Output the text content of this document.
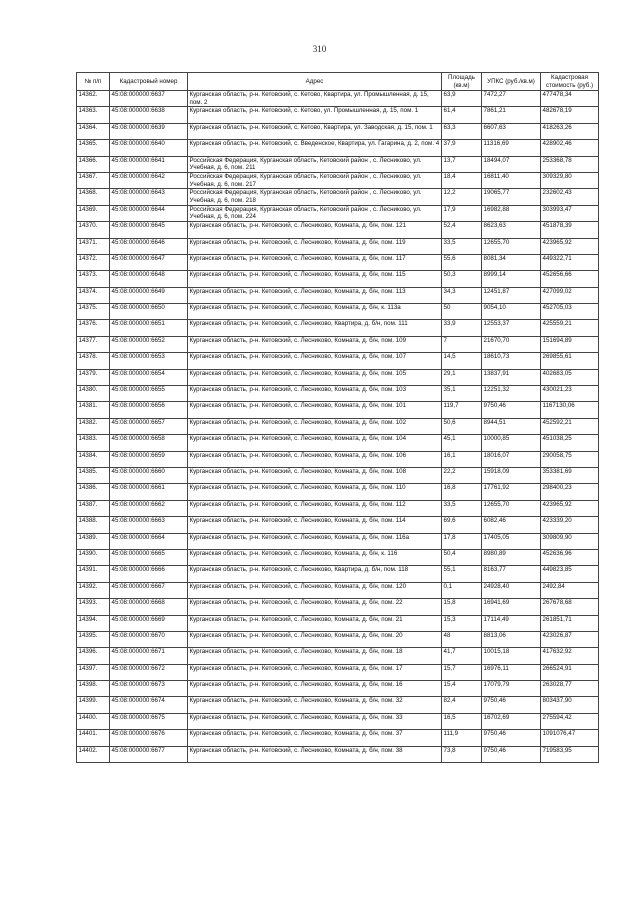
310
№ п/п	Кадастровый номер	Адрес	Площадь (кв.м)	УПКС (руб./кв.м)	Кадастровая стоимость (руб.)
14362.	45:08:000000:6637	Курганская область, р-н. Кетовский, с. Кетово, Квартира, ул. Промышленная, д. 15, пом. 2	63,9	7472,27	477478,34
14363.	45:08:000000:6638	Курганская область, р-н. Кетовский, с. Кетово, ул. Промышленная, д. 15, пом. 1	61,4	7861,21	482678,19
14364.	45:08:000000:6639	Курганская область, р-н. Кетовский, с. Кетово, Квартира, ул. Заводская, д. 15, пом. 1	63,3	6607,63	418263,26
14365.	45:08:000000:6640	Курганская область, р-н. Кетовский, с. Введенское, Квартира, ул. Гагарина, д. 2, пом. 4	37,9	11316,69	428902,46
14366.	45:08:000000:6641	Российская Федерация, Курганская область, Кетовский район , с. Лесниково, ул. Учебная, д. 6, пом. 211	13,7	18494,07	253368,78
14367.	45:08:000000:6642	Российская Федерация, Курганская область, Кетовский район , с. Лесниково, ул. Учебная, д. 6, пом. 217	18,4	16811,40	309329,80
14368.	45:08:000000:6643	Российская Федерация, Курганская область, Кетовский район , с. Лесниково, ул. Учебная, д. 6, пом. 218	12,2	19065,77	232602,43
14369.	45:08:000000:6644	Российская Федерация, Курганская область, Кетовский район , с. Лесниково, ул. Учебная, д. 6, пом. 224	17,9	16982,88	303993,47
14370.	45:08:000000:6645	Курганская область, р-н. Кетовский, с. Лесниково, Комната, д. б/н, пом. 121	52,4	8623,63	451878,39
14371.	45:08:000000:6646	Курганская область, р-н. Кетовский, с. Лесниково, Комната, д. б/н, пом. 119	33,5	12655,70	423965,92
14372.	45:08:000000:6647	Курганская область, р-н. Кетовский, с. Лесниково, Комната, д. б/н, пом. 117	55,6	8081,34	449322,71
14373.	45:08:000000:6648	Курганская область, р-н. Кетовский, с. Лесниково, Комната, д. б/н, пом. 115	50,3	8999,14	452656,66
14374.	45:08:000000:6649	Курганская область, р-н. Кетовский, с. Лесниково, Комната, д. б/н, пом. 113	34,3	12451,87	427099,02
14375.	45:08:000000:6650	Курганская область, р-н. Кетовский, с. Лесниково, Комната, д. б/н, к. 113а	50	9054,10	452705,03
14376.	45:08:000000:6651	Курганская область, р-н. Кетовский, с. Лесниково, Квартира, д. б/н, пом. 111	33,9	12553,37	425559,21
14377.	45:08:000000:6652	Курганская область, р-н. Кетовский, с. Лесниково, Комната, д. б/н, пом. 109	7	21670,70	151694,89
14378.	45:08:000000:6653	Курганская область, р-н. Кетовский, с. Лесниково, Комната, д. б/н, пом. 107	14,5	18610,73	269855,61
14379.	45:08:000000:6654	Курганская область, р-н. Кетовский, с. Лесниково, Комната, д. б/н, пом. 105	29,1	13837,91	402683,05
14380.	45:08:000000:6655	Курганская область, р-н. Кетовский, с. Лесниково, Комната, д. б/н, пом. 103	35,1	12251,32	430021,23
14381.	45:08:000000:6656	Курганская область, р-н. Кетовский, с. Лесниково, Комната, д. б/н, пом. 101	119,7	9750,46	1167130,06
14382.	45:08:000000:6657	Курганская область, р-н. Кетовский, с. Лесниково, Комната, д. б/н, пом. 102	50,6	8944,51	452592,21
14383.	45:08:000000:6658	Курганская область, р-н. Кетовский, с. Лесниково, Комната, д. б/н, пом. 104	45,1	10000,85	451038,25
14384.	45:08:000000:6659	Курганская область, р-н. Кетовский, с. Лесниково, Комната, д. б/н, пом. 106	16,1	18016,07	290058,75
14385.	45:08:000000:6660	Курганская область, р-н. Кетовский, с. Лесниково, Комната, д. б/н, пом. 108	22,2	15918,09	353381,69
14386.	45:08:000000:6661	Курганская область, р-н. Кетовский, с. Лесниково, Комната, д. б/н, пом. 110	16,8	17761,92	298400,23
14387.	45:08:000000:6662	Курганская область, р-н. Кетовский, с. Лесниково, Комната, д. б/н, пом. 112	33,5	12655,70	423965,92
14388.	45:08:000000:6663	Курганская область, р-н. Кетовский, с. Лесниково, Комната, д. б/н, пом. 114	69,6	6082,46	423339,20
14389.	45:08:000000:6664	Курганская область, р-н. Кетовский, с. Лесниково, Комната, д. б/н, пом. 116а	17,8	17405,05	309809,90
14390.	45:08:000000:6665	Курганская область, р-н. Кетовский, с. Лесниково, Комната, д. б/н, к. 116	50,4	8980,89	452636,96
14391.	45:08:000000:6666	Курганская область, р-н. Кетовский, с. Лесниково, Квартира, д. б/н, пом. 118	55,1	8163,77	449823,85
14392.	45:08:000000:6667	Курганская область, р-н. Кетовский, с. Лесниково, Комната, д. б/н, пом. 120	0,1	24928,40	2492,84
14393.	45:08:000000:6668	Курганская область, р-н. Кетовский, с. Лесниково, Комната, д. б/н, пом. 22	15,8	16941,69	267678,68
14394.	45:08:000000:6669	Курганская область, р-н. Кетовский, с. Лесниково, Комната, д. б/н, пом. 21	15,3	17114,49	261851,71
14395.	45:08:000000:6670	Курганская область, р-н. Кетовский, с. Лесниково, Комната, д. б/н, пом. 20	48	8813,06	423026,87
14396.	45:08:000000:6671	Курганская область, р-н. Кетовский, с. Лесниково, Комната, д. б/н, пом. 18	41,7	10015,18	417632,92
14397.	45:08:000000:6672	Курганская область, р-н. Кетовский, с. Лесниково, Комната, д. б/н, пом. 17	15,7	16976,11	266524,91
14398.	45:08:000000:6673	Курганская область, р-н. Кетовский, с. Лесниково, Комната, д. б/н, пом. 16	15,4	17079,79	263028,77
14399.	45:08:000000:6674	Курганская область, р-н. Кетовский, с. Лесниково, Комната, д. б/н, пом. 32	82,4	9750,46	803437,90
14400.	45:08:000000:6675	Курганская область, р-н. Кетовский, с. Лесниково, Комната, д. б/н, пом. 33	16,5	16702,69	275594,42
14401.	45:08:000000:6676	Курганская область, р-н. Кетовский, с. Лесниково, Комната, д. б/н, пом. 37	111,9	9750,46	1091076,47
14402.	45:08:000000:6677	Курганская область, р-н. Кетовский, с. Лесниково, Комната, д. б/н, пом. 38	73,8	9750,46	719583,95
